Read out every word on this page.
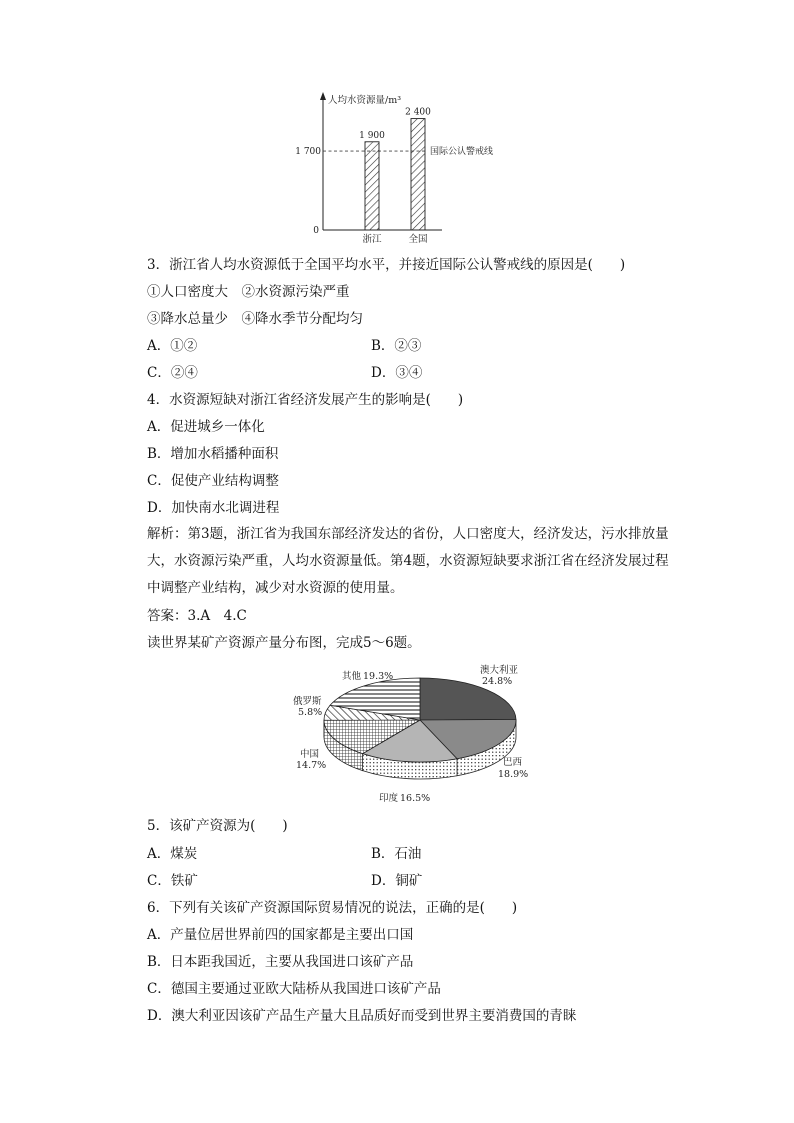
人均水资源量/m³
0
1 700	国际公认警戒线
1 900
2 400
浙江	全国
3．浙江省人均水资源低于全国平均水平，并接近国际公认警戒线的原因是(　　)
①人口密度大　②水资源污染严重
③降水总量少　④降水季节分配均匀
A．①②	B．②③
C．②④	D．③④
4．水资源短缺对浙江省经济发展产生的影响是(　　)
A．促进城乡一体化
B．增加水稻播种面积
C．促使产业结构调整
D．加快南水北调进程
解析：第3题，浙江省为我国东部经济发达的省份，人口密度大，经济发达，污水排放量大，水资源污染严重，人均水资源量低。第4题，水资源短缺要求浙江省在经济发展过程中调整产业结构，减少对水资源的使用量。
答案：3.A　4.C
读世界某矿产资源产量分布图，完成5～6题。
澳大利亚
24.8%
巴西
18.9%
印度 16.5%
中国
14.7%
俄罗斯
5.8%
其他 19.3%
5．该矿产资源为(　　)
A．煤炭	B．石油
C．铁矿	D．铜矿
6．下列有关该矿产资源国际贸易情况的说法，正确的是(　　)
A．产量位居世界前四的国家都是主要出口国
B．日本距我国近，主要从我国进口该矿产品
C．德国主要通过亚欧大陆桥从我国进口该矿产品
D．澳大利亚因该矿产品生产量大且品质好而受到世界主要消费国的青睐
